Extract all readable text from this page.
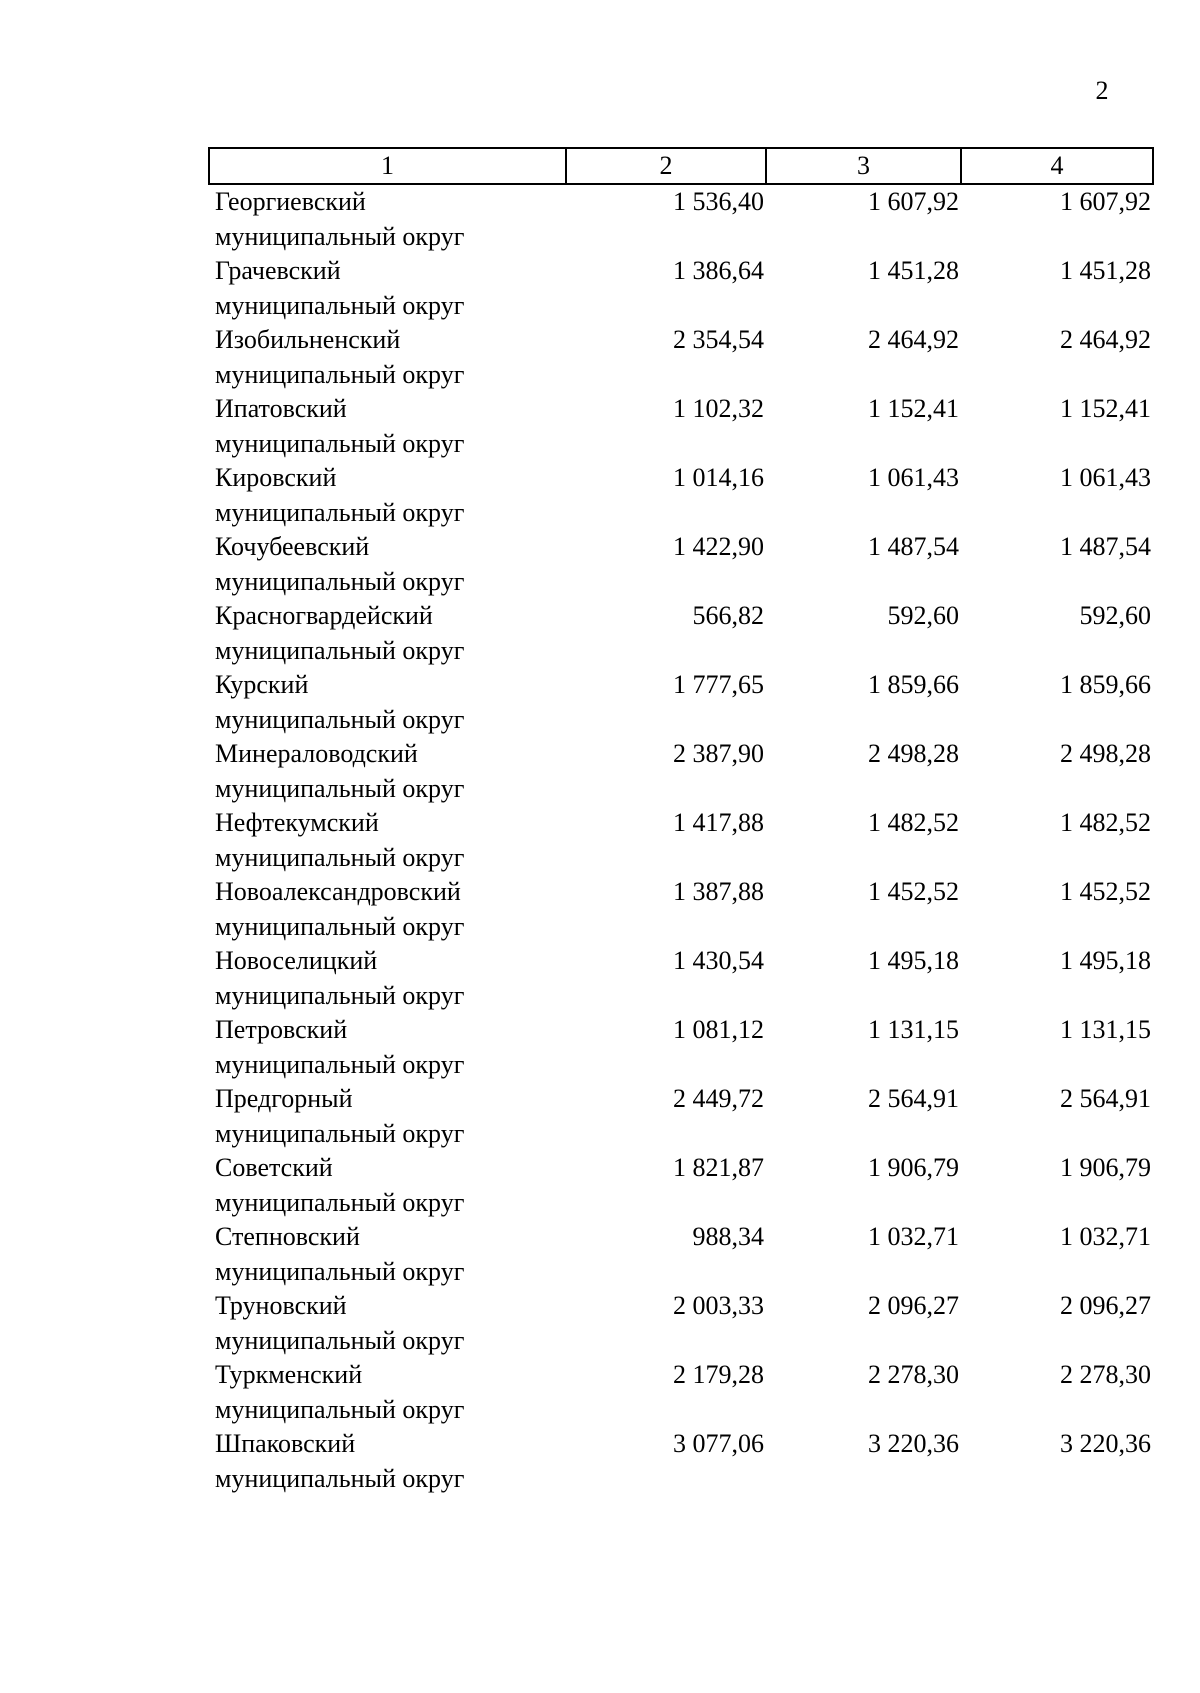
2
1	2	3	4

Георгиевский
муниципальный округ	1 536,40	1 607,92	1 607,92

Грачевский
муниципальный округ	1 386,64	1 451,28	1 451,28

Изобильненский
муниципальный округ	2 354,54	2 464,92	2 464,92

Ипатовский
муниципальный округ	1 102,32	1 152,41	1 152,41

Кировский
муниципальный округ	1 014,16	1 061,43	1 061,43

Кочубеевский
муниципальный округ	1 422,90	1 487,54	1 487,54

Красногвардейский
муниципальный округ	566,82	592,60	592,60

Курский
муниципальный округ	1 777,65	1 859,66	1 859,66

Минераловодский
муниципальный округ	2 387,90	2 498,28	2 498,28

Нефтекумский
муниципальный округ	1 417,88	1 482,52	1 482,52

Новоалександровский
муниципальный округ	1 387,88	1 452,52	1 452,52

Новоселицкий
муниципальный округ	1 430,54	1 495,18	1 495,18

Петровский
муниципальный округ	1 081,12	1 131,15	1 131,15

Предгорный
муниципальный округ	2 449,72	2 564,91	2 564,91

Советский
муниципальный округ	1 821,87	1 906,79	1 906,79

Степновский
муниципальный округ	988,34	1 032,71	1 032,71

Труновский
муниципальный округ	2 003,33	2 096,27	2 096,27

Туркменский
муниципальный округ	2 179,28	2 278,30	2 278,30

Шпаковский
муниципальный округ	3 077,06	3 220,36	3 220,36
